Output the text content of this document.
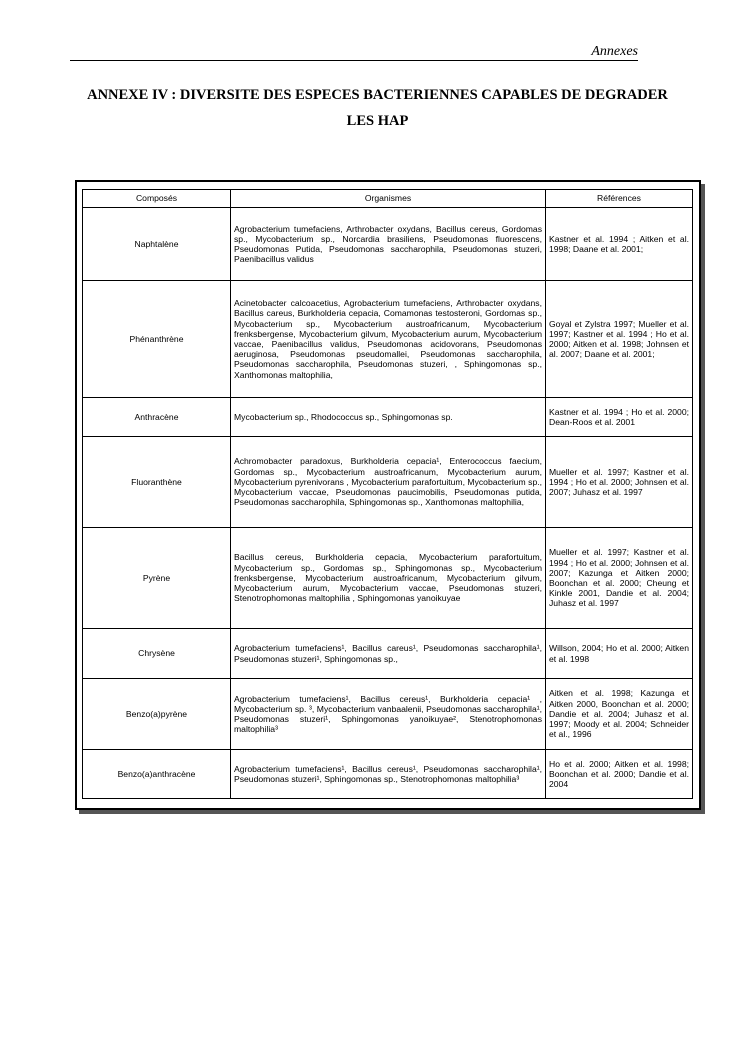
Annexes
ANNEXE IV : DIVERSITE DES ESPECES BACTERIENNES CAPABLES DE DEGRADER
LES HAP
Composés	Organismes	Références
Naphtalène	Agrobacterium tumefaciens, Arthrobacter oxydans, Bacillus cereus, Gordomas sp., Mycobacterium sp., Norcardia brasiliens, Pseudomonas fluorescens, Pseudomonas Putida, Pseudomonas saccharophila, Pseudomonas stuzeri, Paenibacillus validus	Kastner et al. 1994 ; Aitken et al. 1998; Daane et al. 2001;
Phénanthrène	Acinetobacter calcoacetius, Agrobacterium tumefaciens, Arthrobacter oxydans, Bacillus careus, Burkholderia cepacia, Comamonas testosteroni, Gordomas sp., Mycobacterium sp., Mycobacterium austroafricanum, Mycobacterium frenksbergense, Mycobacterium gilvum, Mycobacterium aurum, Mycobacterium vaccae, Paenibacillus validus, Pseudomonas acidovorans, Pseudomonas aeruginosa, Pseudomonas pseudomallei, Pseudomonas saccharophila, Pseudomonas saccharophila, Pseudomonas stuzeri, , Sphingomonas sp., Xanthomonas maltophilia,	Goyal et Zylstra 1997; Mueller et al. 1997; Kastner et al. 1994 ; Ho et al. 2000; Aitken et al. 1998; Johnsen et al. 2007; Daane et al. 2001;
Anthracène	Mycobacterium sp., Rhodococcus sp., Sphingomonas sp.	Kastner et al. 1994 ; Ho et al. 2000; Dean-Roos et al. 2001
Fluoranthène	Achromobacter paradoxus, Burkholderia cepacia¹, Enterococcus faecium, Gordomas sp., Mycobacterium austroafricanum, Mycobacterium aurum, Mycobacterium pyrenivorans , Mycobacterium parafortuitum, Mycobacterium sp., Mycobacterium vaccae, Pseudomonas paucimobilis, Pseudomonas putida, Pseudomonas saccharophila, Sphingomonas sp., Xanthomonas maltophilia,	Mueller et al. 1997; Kastner et al. 1994 ; Ho et al. 2000; Johnsen et al. 2007; Juhasz et al. 1997
Pyrène	Bacillus cereus, Burkholderia cepacia, Mycobacterium parafortuitum, Mycobacterium sp., Gordomas sp., Sphingomonas sp., Mycobacterium frenksbergense, Mycobacterium austroafricanum, Mycobacterium gilvum, Mycobacterium aurum, Mycobacterium vaccae, Pseudomonas stuzeri, Stenotrophomonas maltophilia , Sphingomonas yanoikuyae	Mueller et al. 1997; Kastner et al. 1994 ; Ho et al. 2000; Johnsen et al. 2007; Kazunga et Aitken 2000; Boonchan et al. 2000; Cheung et Kinkle 2001, Dandie et al. 2004; Juhasz et al. 1997
Chrysène	Agrobacterium tumefaciens¹, Bacillus careus¹, Pseudomonas saccharophila¹, Pseudomonas stuzeri¹, Sphingomonas sp.,	Willson, 2004; Ho et al. 2000; Aitken et al. 1998
Benzo(a)pyrène	Agrobacterium tumefaciens¹, Bacillus cereus¹, Burkholderia cepacia¹ , Mycobacterium sp. ³, Mycobacterium vanbaalenii, Pseudomonas saccharophila¹, Pseudomonas stuzeri¹, Sphingomonas yanoikuyae², Stenotrophomonas maltophilia³	Aitken et al. 1998; Kazunga et Aitken 2000, Boonchan et al. 2000; Dandie et al. 2004; Juhasz et al. 1997; Moody et al. 2004; Schneider et al., 1996
Benzo(a)anthracène	Agrobacterium tumefaciens¹, Bacillus cereus¹, Pseudomonas saccharophila¹, Pseudomonas stuzeri¹, Sphingomonas sp., Stenotrophomonas maltophilia³	Ho et al. 2000; Aitken et al. 1998; Boonchan et al. 2000; Dandie et al. 2004
